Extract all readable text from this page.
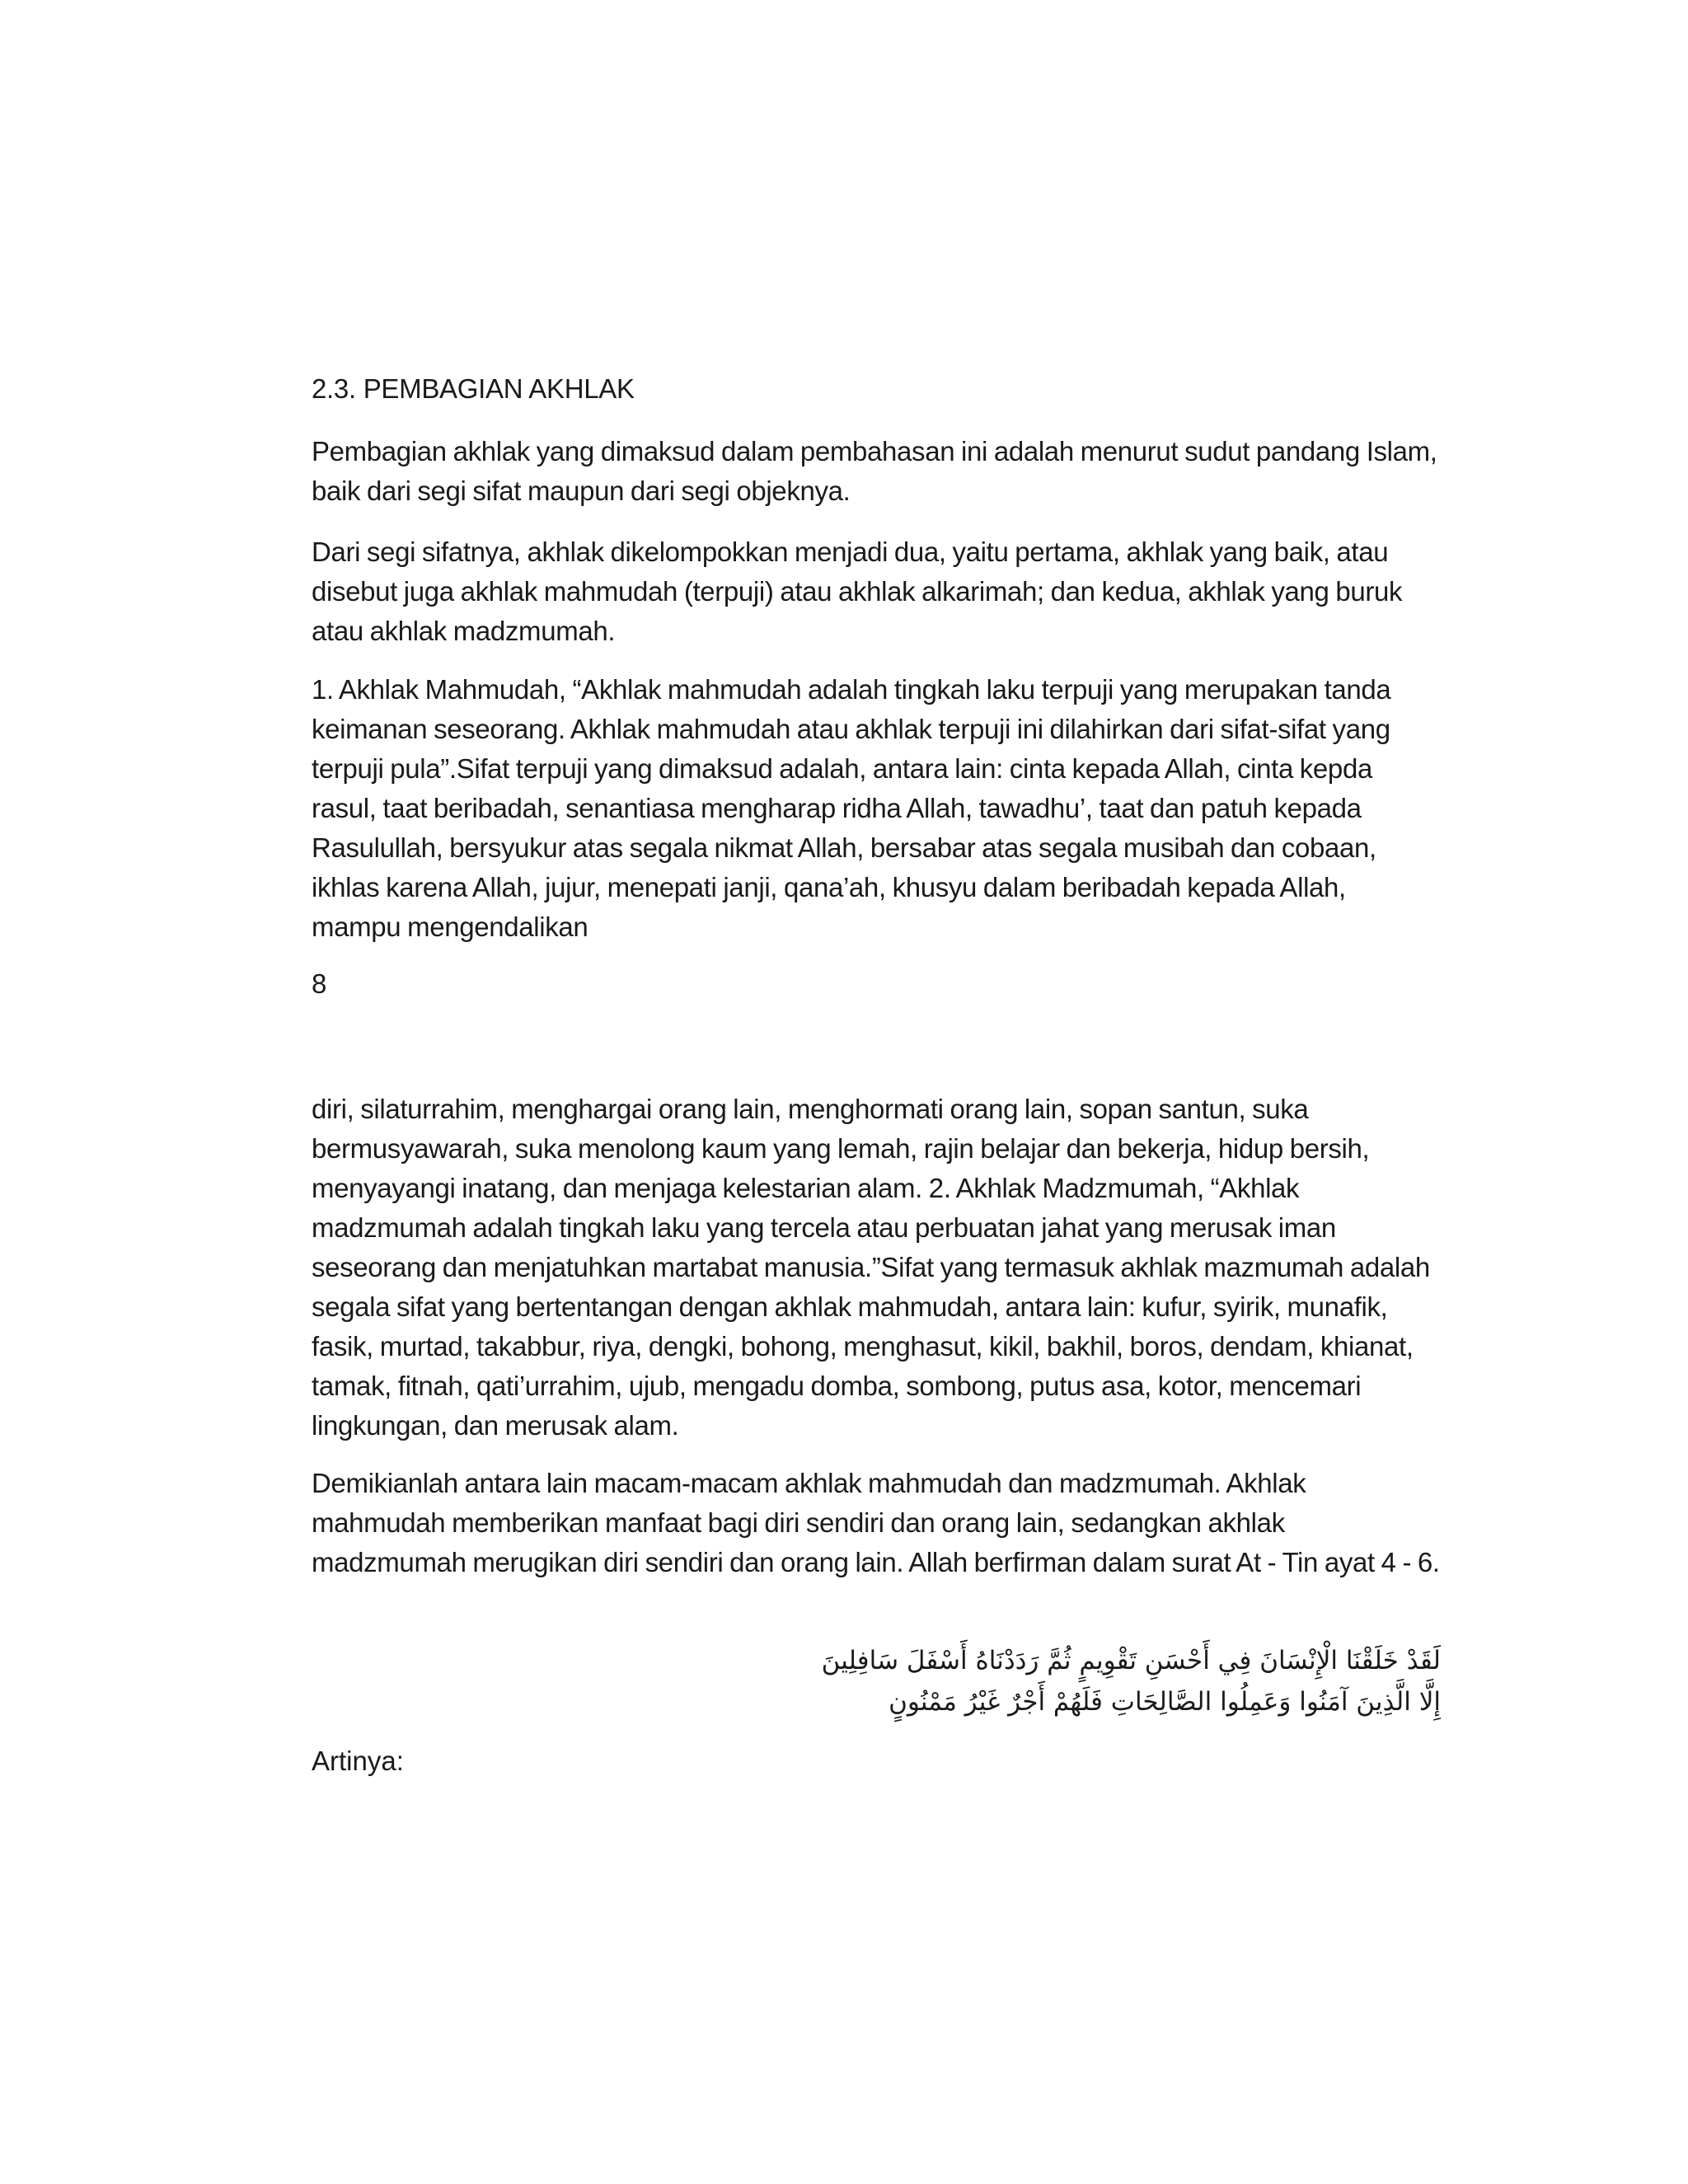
2.3. PEMBAGIAN AKHLAK

Pembagian akhlak yang dimaksud dalam pembahasan ini adalah menurut sudut pandang Islam, baik dari segi sifat maupun dari segi objeknya.

Dari segi sifatnya, akhlak dikelompokkan menjadi dua, yaitu pertama, akhlak yang baik, atau disebut juga akhlak mahmudah (terpuji) atau akhlak alkarimah; dan kedua, akhlak yang buruk atau akhlak madzmumah.

1. Akhlak Mahmudah, “Akhlak mahmudah adalah tingkah laku terpuji yang merupakan tanda keimanan seseorang. Akhlak mahmudah atau akhlak terpuji ini dilahirkan dari sifat-sifat yang terpuji pula”.Sifat terpuji yang dimaksud adalah, antara lain: cinta kepada Allah, cinta kepda rasul, taat beribadah, senantiasa mengharap ridha Allah, tawadhu’, taat dan patuh kepada Rasulullah, bersyukur atas segala nikmat Allah, bersabar atas segala musibah dan cobaan, ikhlas karena Allah, jujur, menepati janji, qana’ah, khusyu dalam beribadah kepada Allah, mampu mengendalikan

8

diri, silaturrahim, menghargai orang lain, menghormati orang lain, sopan santun, suka bermusyawarah, suka menolong kaum yang lemah, rajin belajar dan bekerja, hidup bersih, menyayangi inatang, dan menjaga kelestarian alam. 2. Akhlak Madzmumah, “Akhlak madzmumah adalah tingkah laku yang tercela atau perbuatan jahat yang merusak iman seseorang dan menjatuhkan martabat manusia.”Sifat yang termasuk akhlak mazmumah adalah segala sifat yang bertentangan dengan akhlak mahmudah, antara lain: kufur, syirik, munafik, fasik, murtad, takabbur, riya, dengki, bohong, menghasut, kikil, bakhil, boros, dendam, khianat, tamak, fitnah, qati’urrahim, ujub, mengadu domba, sombong, putus asa, kotor, mencemari lingkungan, dan merusak alam.

Demikianlah antara lain macam-macam akhlak mahmudah dan madzmumah. Akhlak mahmudah memberikan manfaat bagi diri sendiri dan orang lain, sedangkan akhlak madzmumah merugikan diri sendiri dan orang lain. Allah berfirman dalam surat At - Tin ayat 4 - 6.

لَقَدْ خَلَقْنَا الْإِنْسَانَ فِي أَحْسَنِ تَقْوِيمٍ ثُمَّ رَدَدْنَاهُ أَسْفَلَ سَافِلِينَ
إِلَّا الَّذِينَ آمَنُوا وَعَمِلُوا الصَّالِحَاتِ فَلَهُمْ أَجْرٌ غَيْرُ مَمْنُونٍ
Artinya:
